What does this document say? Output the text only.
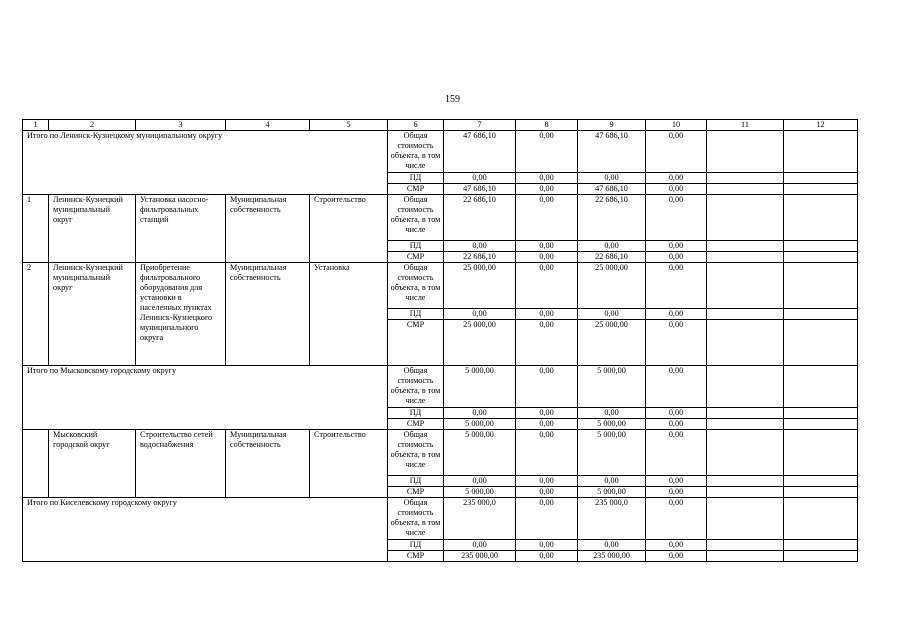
159
1	2	3	4	5	6	7	8	9	10	11	12
Итого по Ленинск-Кузнецкому муниципальному округу					Общая стоимость объекта, в том числе	47 686,10	0,00	47 686,10	0,00		
					ПД	0,00	0,00	0,00	0,00		
					СМР	47 686,10	0,00	47 686,10	0,00		
1	Ленинск-Кузнецкий муниципальный округ	Установка насосно-фильтровальных станций	Муниципальная собственность	Строительство	Общая стоимость объекта, в том числе	22 686,10	0,00	22 686,10	0,00		
					ПД	0,00	0,00	0,00	0,00		
					СМР	22 686,10	0,00	22 686,10	0,00		
2	Ленинск-Кузнецкий муниципальный округ	Приобретение фильтровального оборудования для установки в населенных пунктах Ленинск-Кузнецкого муниципального округа	Муниципальная собственность	Установка	Общая стоимость объекта, в том числе	25 000,00	0,00	25 000,00	0,00		
					ПД	0,00	0,00	0,00	0,00		
					СМР	25 000,00	0,00	25 000,00	0,00		
Итого по Мысковскому городскому округу					Общая стоимость объекта, в том числе	5 000,00	0,00	5 000,00	0,00		
					ПД	0,00	0,00	0,00	0,00		
					СМР	5 000,00	0,00	5 000,00	0,00		
	Мысковский городской округ	Строительство сетей водоснабжения	Муниципальная собственность	Строительство	Общая стоимость объекта, в том числе	5 000,00	0,00	5 000,00	0,00		
					ПД	0,00	0,00	0,00	0,00		
					СМР	5 000,00	0,00	5 000,00	0,00		
Итого по Киселевскому городскому округу					Общая стоимость объекта, в том числе	235 000,0	0,00	235 000,0	0,00		
					ПД	0,00	0,00	0,00	0,00		
					СМР	235 000,00	0,00	235 000,00	0,00		
